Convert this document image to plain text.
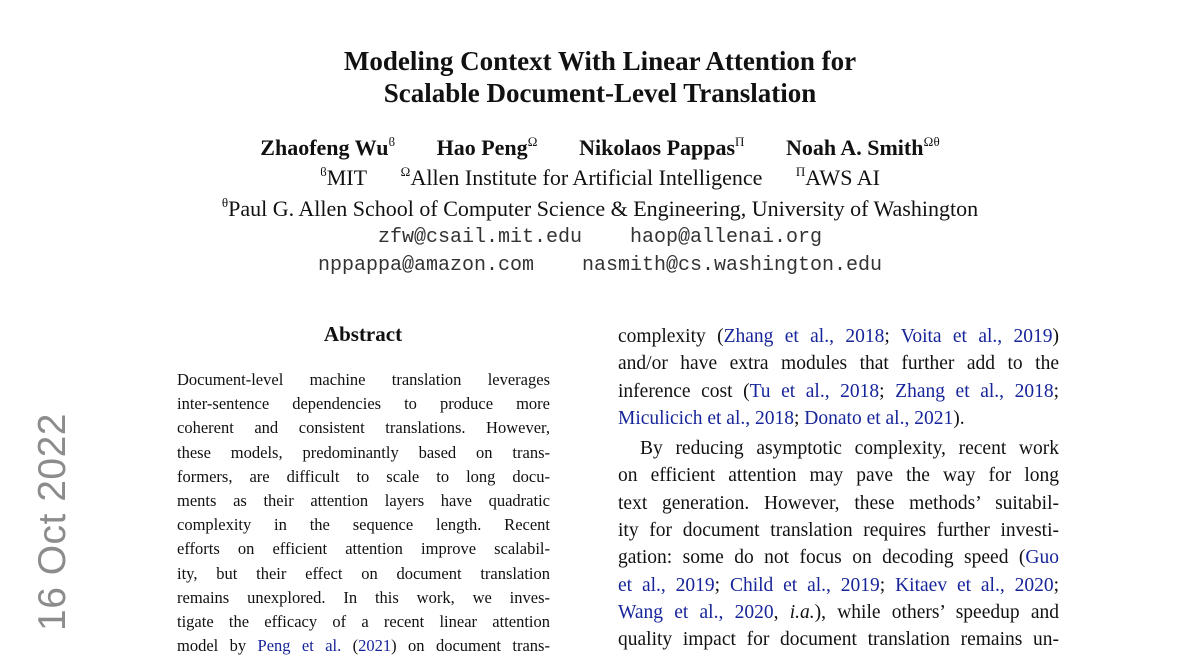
16 Oct 2022
Modeling Context With Linear Attention for
Scalable Document-Level Translation
Zhaofeng $Wu^ϐ$ Hao Peng$^Ω$ Nikolaos Pappas$^\Pi$ Noah A. Smith$^{Ω\theta}$
$^ϐ$MIT	$^Ω$Allen Institute for Artificial Intelligence	$^\Pi$AWS AI
$^\theta$Paul G. Allen School of Computer Science & Engineering, University of Washington
zfw@csail.mit.edu haop@allenai.org
nppappa@amazon.com nasmith@cs.washington.edu
Abstract
Document-level machine translation leverages
inter-sentence dependencies to produce more
coherent and consistent translations. However,
these models, predominantly based on trans-
formers, are difficult to scale to long docu-
ments as their attention layers have quadratic
complexity in the sequence length. Recent
efforts on efficient attention improve scalabil-
ity, but their effect on document translation
remains unexplored. In this work, we inves-
tigate the efficacy of a recent linear attention
model by Peng et al. (2021) on document trans-
complexity (Zhang et al., 2018; Voita et al., 2019)
and/or have extra modules that further add to the
inference cost (Tu et al., 2018; Zhang et al., 2018;
Miculicich et al., 2018; Donato et al., 2021).
By reducing asymptotic complexity, recent work
on efficient attention may pave the way for long
text generation. However, these methods’ suitabil-
ity for document translation requires further investi-
gation: some do not focus on decoding speed (Guo
et al., 2019; Child et al., 2019; Kitaev et al., 2020;
Wang et al., 2020, i.a.), while others’ speedup and
quality impact for document translation remains un-
